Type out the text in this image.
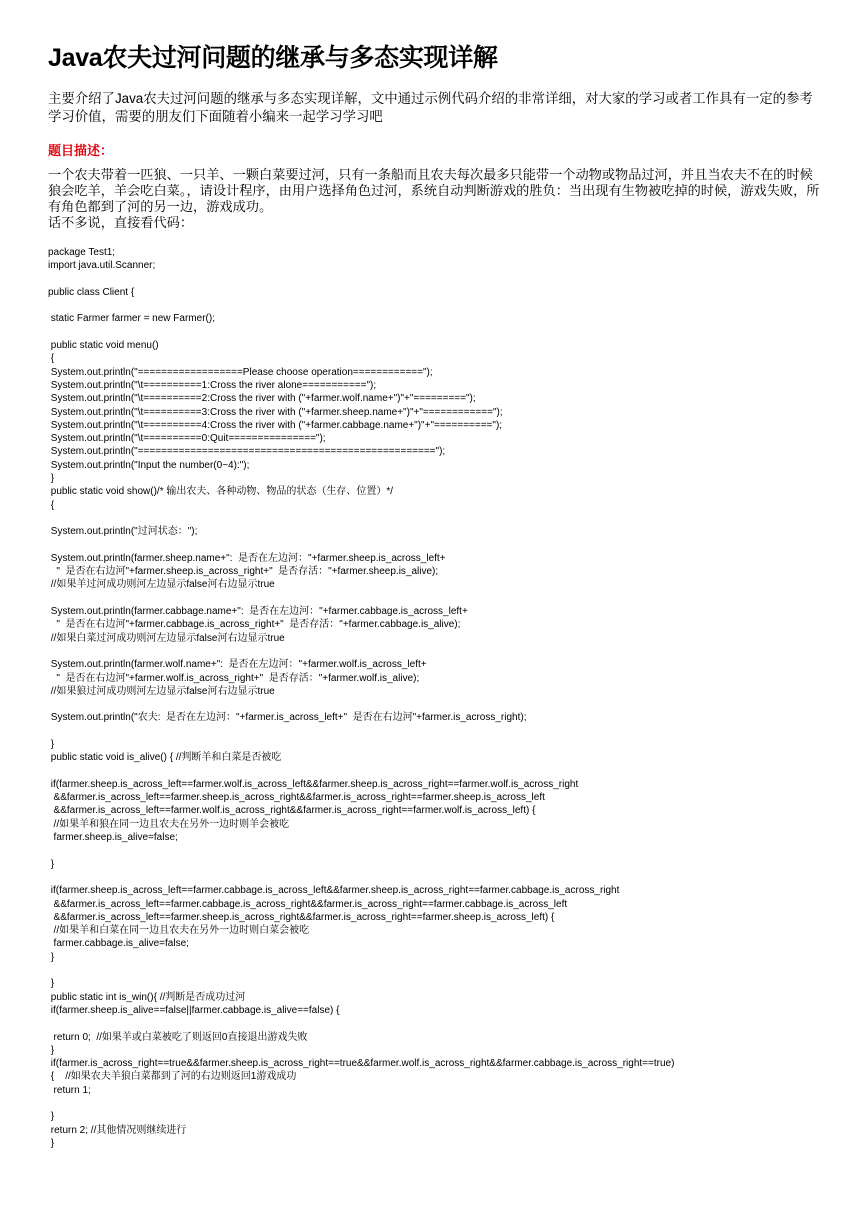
Java农夫过河问题的继承与多态实现详解

主要介绍了Java农夫过河问题的继承与多态实现详解，文中通过示例代码介绍的非常详细，对大家的学习或者工作具有一定的参考学习价值，需要的朋友们下面随着小编来一起学习学习吧

题目描述：

一个农夫带着一匹狼、一只羊、一颗白菜要过河，只有一条船而且农夫每次最多只能带一个动物或物品过河，并且当农夫不在的时候狼会吃羊，羊会吃白菜。，请设计程序，由用户选择角色过河，系统自动判断游戏的胜负：当出现有生物被吃掉的时候，游戏失败，所有角色都到了河的另一边，游戏成功。
话不多说，直接看代码：
package Test1;
import java.util.Scanner;
public class Client {
static Farmer farmer = new Farmer();
public static void menu()
{
System.out.println("==================Please choose operation============");
System.out.println("\t==========1:Cross the river alone===========");
System.out.println("\t==========2:Cross the river with ("+farmer.wolf.name+")"+"=========");
System.out.println("\t==========3:Cross the river with ("+farmer.sheep.name+")"+"============");
System.out.println("\t==========4:Cross the river with ("+farmer.cabbage.name+")"+"==========");
System.out.println("\t==========0:Quit===============");
System.out.println("===================================================");
System.out.println("Input the number(0~4):");
}
public static void show()/* 输出农夫、各种动物、物品的状态（生存、位置）*/
{
System.out.println("过河状态：");
System.out.println(farmer.sheep.name+":  是否在左边河："+farmer.sheep.is_across_left+
"  是否在右边河"+farmer.sheep.is_across_right+"  是否存活："+farmer.sheep.is_alive);
//如果羊过河成功则河左边显示false河右边显示true
System.out.println(farmer.cabbage.name+":  是否在左边河："+farmer.cabbage.is_across_left+
"  是否在右边河"+farmer.cabbage.is_across_right+"  是否存活："+farmer.cabbage.is_alive);
//如果白菜过河成功则河左边显示false河右边显示true
System.out.println(farmer.wolf.name+":  是否在左边河："+farmer.wolf.is_across_left+
"  是否在右边河"+farmer.wolf.is_across_right+"  是否存活："+farmer.wolf.is_alive);
//如果狼过河成功则河左边显示false河右边显示true
System.out.println("农夫:  是否在左边河："+farmer.is_across_left+"  是否在右边河"+farmer.is_across_right);
}
public static void is_alive() { //判断羊和白菜是否被吃
if(farmer.sheep.is_across_left==farmer.wolf.is_across_left&&farmer.sheep.is_across_right==farmer.wolf.is_across_right
&&farmer.is_across_left==farmer.sheep.is_across_right&&farmer.is_across_right==farmer.sheep.is_across_left
&&farmer.is_across_left==farmer.wolf.is_across_right&&farmer.is_across_right==farmer.wolf.is_across_left) {
//如果羊和狼在同一边且农夫在另外一边时则羊会被吃
farmer.sheep.is_alive=false;
}
if(farmer.sheep.is_across_left==farmer.cabbage.is_across_left&&farmer.sheep.is_across_right==farmer.cabbage.is_across_right
&&farmer.is_across_left==farmer.cabbage.is_across_right&&farmer.is_across_right==farmer.cabbage.is_across_left
&&farmer.is_across_left==farmer.sheep.is_across_right&&farmer.is_across_right==farmer.sheep.is_across_left) {
//如果羊和白菜在同一边且农夫在另外一边时则白菜会被吃
farmer.cabbage.is_alive=false;
}
}
public static int is_win(){ //判断是否成功过河
if(farmer.sheep.is_alive==false||farmer.cabbage.is_alive==false) {
return 0;  //如果羊或白菜被吃了则返回0直接退出游戏失败
}
if(farmer.is_across_right==true&&farmer.sheep.is_across_right==true&&farmer.wolf.is_across_right&&farmer.cabbage.is_across_right==true)
{    //如果农夫羊狼白菜都到了河的右边则返回1游戏成功
return 1;
}
return 2; //其他情况则继续进行
}
